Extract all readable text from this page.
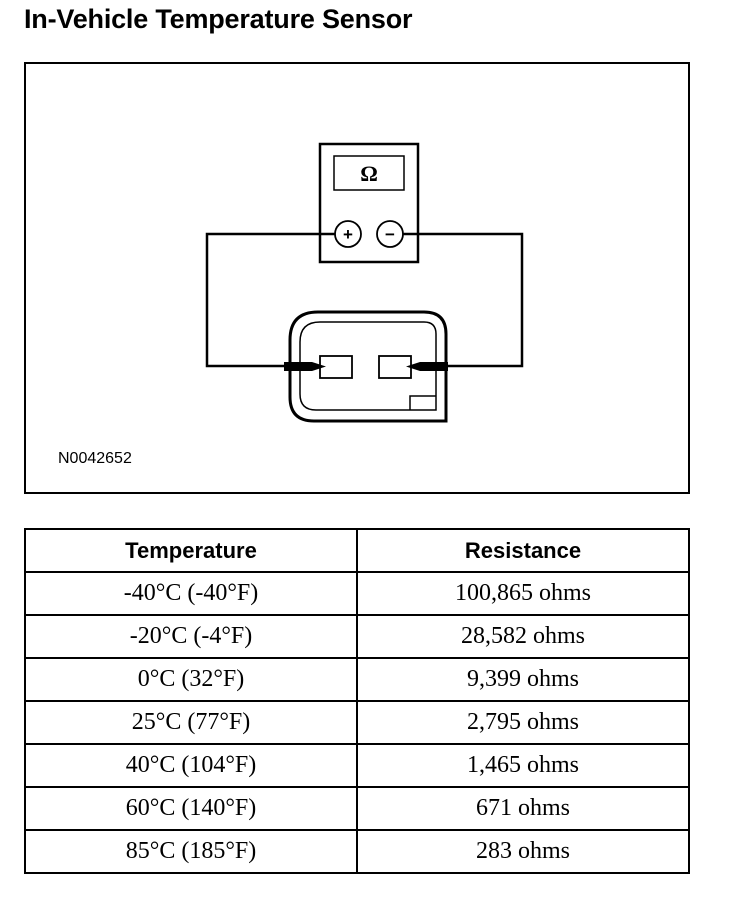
In-Vehicle Temperature Sensor
Ω
+ −
N0042652
Temperature	Resistance
-40°C (-40°F)	100,865 ohms
-20°C (-4°F)	28,582 ohms
0°C (32°F)	9,399 ohms
25°C (77°F)	2,795 ohms
40°C (104°F)	1,465 ohms
60°C (140°F)	671 ohms
85°C (185°F)	283 ohms
